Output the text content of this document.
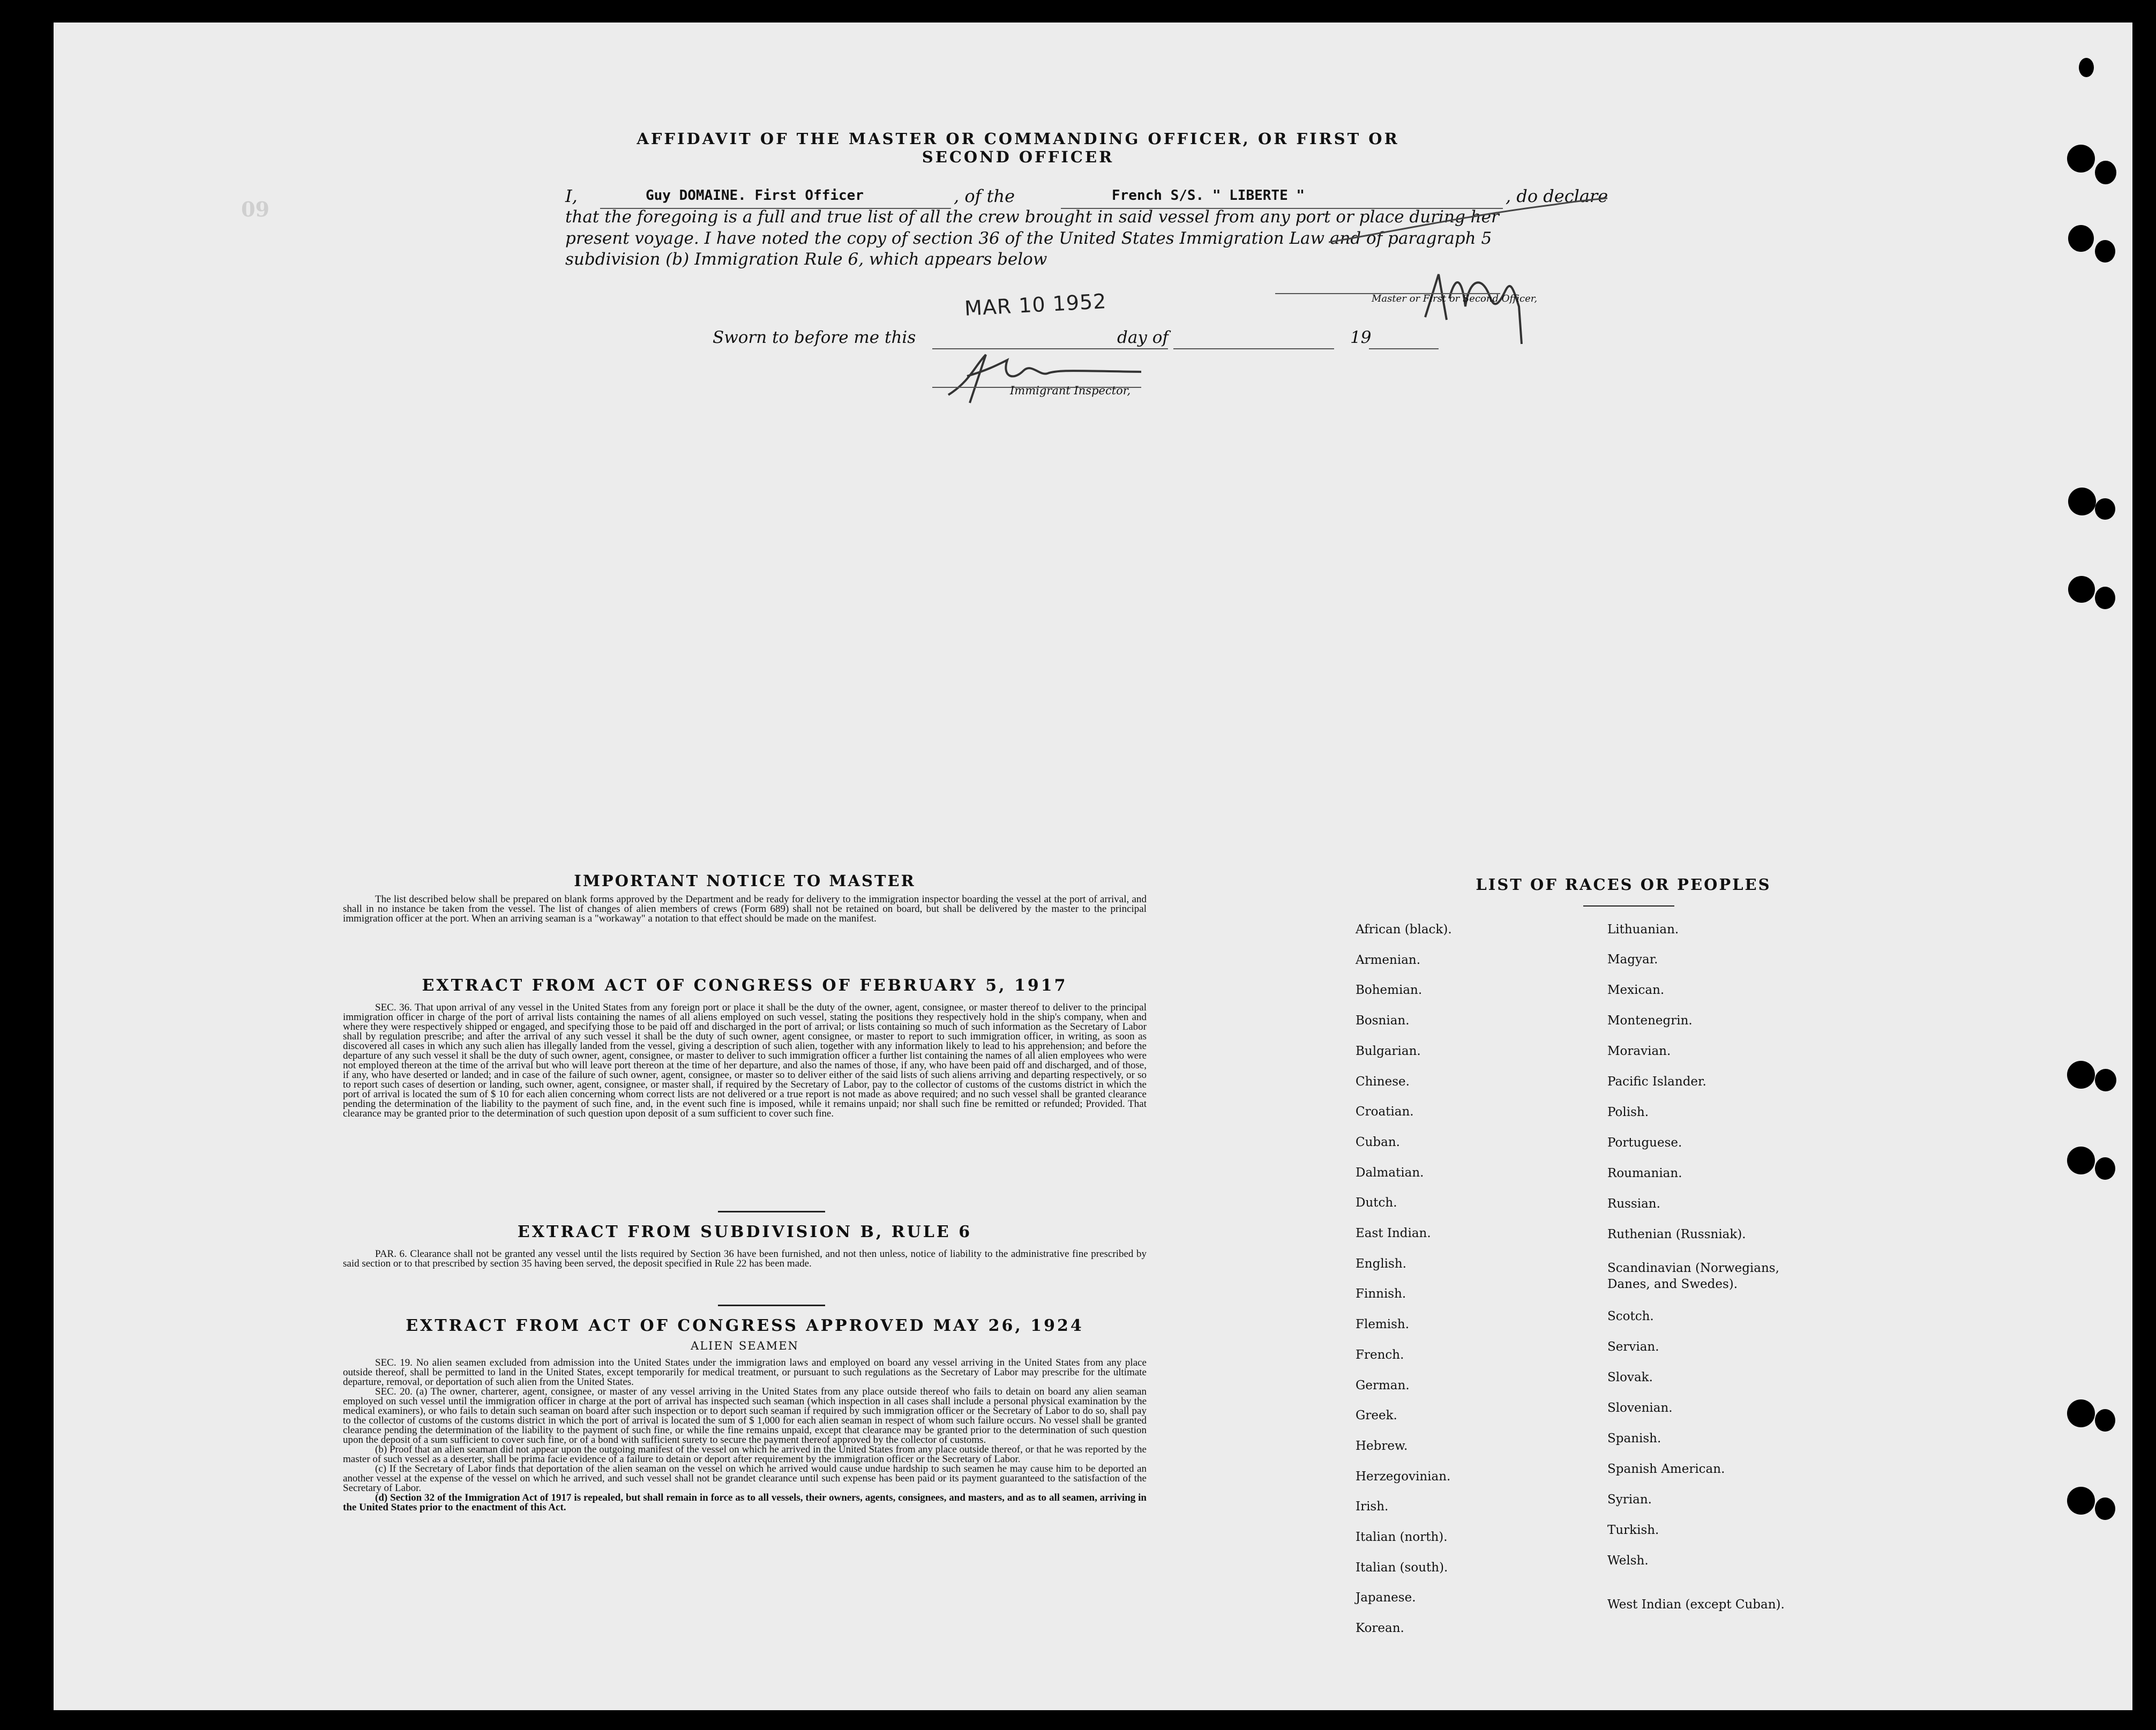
60
AFFIDAVIT OF THE MASTER OR COMMANDING OFFICER, OR FIRST OR SECOND OFFICER
I,	Guy DOMAINE. First Officer	, of the	French S/S. " LIBERTE "	, do declare
that the foregoing is a full and true list of all the crew brought in said vessel from any port or place during her
present voyage. I have noted the copy of section 36 of the United States Immigration Law and of paragraph 5
subdivision (b) Immigration Rule 6, which appears below
Master or First or Second Officer,
MAR 10 1952
Sworn to before me this	day of	19
Immigrant Inspector,
IMPORTANT NOTICE TO MASTER
The list described below shall be prepared on blank forms approved by the Department and be ready for delivery to the immigration inspector boarding the vessel at the port of arrival, and shall in no instance be taken from the vessel. The list of changes of alien members of crews (Form 689) shall not be retained on board, but shall be delivered by the master to the principal immigration officer at the port. When an arriving seaman is a "workaway" a notation to that effect should be made on the manifest.
EXTRACT FROM ACT OF CONGRESS OF FEBRUARY 5, 1917
SEC. 36. That upon arrival of any vessel in the United States from any foreign port or place it shall be the duty of the owner, agent, consignee, or master thereof to deliver to the principal immigration officer in charge of the port of arrival lists containing the names of all aliens employed on such vessel, stating the positions they respectively hold in the ship's company, when and where they were respectively shipped or engaged, and specifying those to be paid off and discharged in the port of arrival; or lists containing so much of such information as the Secretary of Labor shall by regulation prescribe; and after the arrival of any such vessel it shall be the duty of such owner, agent consignee, or master to report to such immigration officer, in writing, as soon as discovered all cases in which any such alien has illegally landed from the vessel, giving a description of such alien, together with any information likely to lead to his apprehension; and before the departure of any such vessel it shall be the duty of such owner, agent, consignee, or master to deliver to such immigration officer a further list containing the names of all alien employees who were not employed thereon at the time of the arrival but who will leave port thereon at the time of her departure, and also the names of those, if any, who have been paid off and discharged, and of those, if any, who have deserted or landed; and in case of the failure of such owner, agent, consignee, or master so to deliver either of the said lists of such aliens arriving and departing respectively, or so to report such cases of desertion or landing, such owner, agent, consignee, or master shall, if required by the Secretary of Labor, pay to the collector of customs of the customs district in which the port of arrival is located the sum of $ 10 for each alien concerning whom correct lists are not delivered or a true report is not made as above required; and no such vessel shall be granted clearance pending the determination of the liability to the payment of such fine, and, in the event such fine is imposed, while it remains unpaid; nor shall such fine be remitted or refunded; Provided. That clearance may be granted prior to the determination of such question upon deposit of a sum sufficient to cover such fine.
EXTRACT FROM SUBDIVISION B, RULE 6
PAR. 6. Clearance shall not be granted any vessel until the lists required by Section 36 have been furnished, and not then unless, notice of liability to the administrative fine prescribed by said section or to that prescribed by section 35 having been served, the deposit specified in Rule 22 has been made.
EXTRACT FROM ACT OF CONGRESS APPROVED MAY 26, 1924
ALIEN SEAMEN

SEC. 19. No alien seamen excluded from admission into the United States under the immigration laws and employed on board any vessel arriving in the United States from any place outside thereof, shall be permitted to land in the United States, except temporarily for medical treatment, or pursuant to such regulations as the Secretary of Labor may prescribe for the ultimate departure, removal, or deportation of such alien from the United States.

SEC. 20. (a) The owner, charterer, agent, consignee, or master of any vessel arriving in the United States from any place outside thereof who fails to detain on board any alien seaman employed on such vessel until the immigration officer in charge at the port of arrival has inspected such seaman (which inspection in all cases shall include a personal physical examination by the medical examiners), or who fails to detain such seaman on board after such inspection or to deport such seaman if required by such immigration officer or the Secretary of Labor to do so, shall pay to the collector of customs of the customs district in which the port of arrival is located the sum of $ 1,000 for each alien seaman in respect of whom such failure occurs. No vessel shall be granted clearance pending the determination of the liability to the payment of such fine, or while the fine remains unpaid, except that clearance may be granted prior to the determination of such question upon the deposit of a sum sufficient to cover such fine, or of a bond with sufficient surety to secure the payment thereof approved by the collector of customs.

(b) Proof that an alien seaman did not appear upon the outgoing manifest of the vessel on which he arrived in the United States from any place outside thereof, or that he was reported by the master of such vessel as a deserter, shall be prima facie evidence of a failure to detain or deport after requirement by the immigration officer or the Secretary of Labor.

(c) If the Secretary of Labor finds that deportation of the alien seaman on the vessel on which he arrived would cause undue hardship to such seamen he may cause him to be deported an another vessel at the expense of the vessel on which he arrived, and such vessel shall not be grandet clearance until such expense has been paid or its payment guaranteed to the satisfaction of the Secretary of Labor.

(d) Section 32 of the Immigration Act of 1917 is repealed, but shall remain in force as to all vessels, their owners, agents, consignees, and masters, and as to all seamen, arriving in the United States prior to the enactment of this Act.

LIST OF RACES OR PEOPLES
African (black).
Armenian.
Bohemian.
Bosnian.
Bulgarian.
Chinese.
Croatian.
Cuban.
Dalmatian.
Dutch.
East Indian.
English.
Finnish.
Flemish.
French.
German.
Greek.
Hebrew.
Herzegovinian.
Irish.
Italian (north).
Italian (south).
Japanese.
Korean.
Lithuanian.
Magyar.
Mexican.
Montenegrin.
Moravian.
Pacific Islander.
Polish.
Portuguese.
Roumanian.
Russian.
Ruthenian (Russniak).
Scandinavian (Norwegians, Danes, and Swedes).
Scotch.
Servian.
Slovak.
Slovenian.
Spanish.
Spanish American.
Syrian.
Turkish.
Welsh.
West Indian (except Cuban).
